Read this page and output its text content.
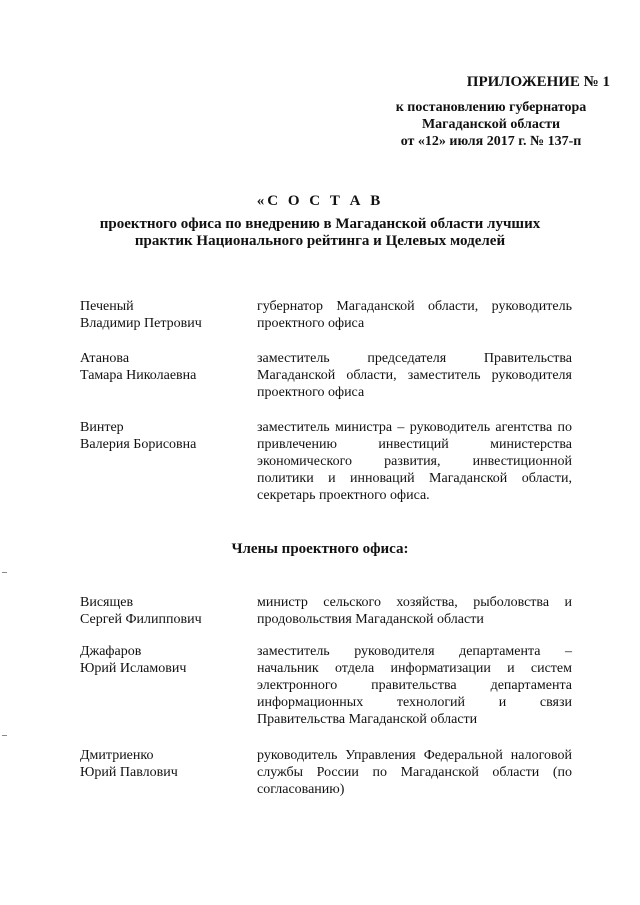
ПРИЛОЖЕНИЕ № 1
к постановлению губернатора
Магаданской области
от «12» июля 2017 г. № 137-п
«С О С Т А В
проектного офиса по внедрению в Магаданской области лучших
практик Национального рейтинга и Целевых моделей
Печеный
Владимир Петрович
губернатор Магаданской области, руководитель проектного офиса
Атанова
Тамара Николаевна
заместитель председателя Правительства Магаданской области, заместитель руководителя проектного офиса
Винтер
Валерия Борисовна
заместитель министра – руководитель агентства по привлечению инвестиций министерства экономического развития, инвестиционной политики и инноваций Магаданской области, секретарь проектного офиса.
Члены проектного офиса:
Висящев
Сергей Филиппович
министр сельского хозяйства, рыболовства и продовольствия Магаданской области
Джафаров
Юрий Исламович
заместитель руководителя департамента – начальник отдела информатизации и систем электронного правительства департамента информационных технологий и связи Правительства Магаданской области
Дмитриенко
Юрий Павлович
руководитель Управления Федеральной налоговой службы России по Магаданской области (по согласованию)
